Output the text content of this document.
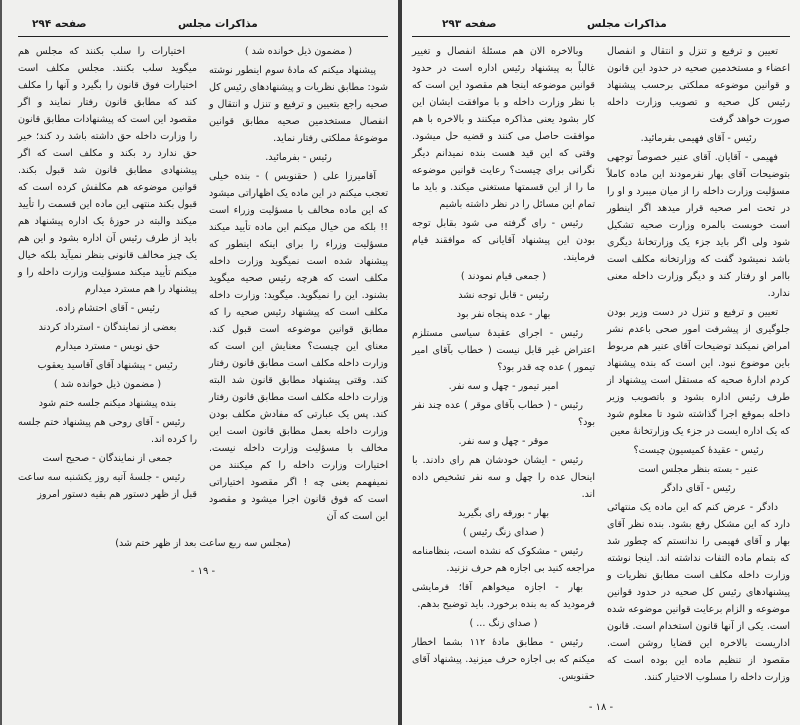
صفحه ۲۹۴	مذاکرات مجلس

( مضمون ذیل خوانده شد )

پیشنهاد میکنم که مادهٔ سوم اینطور نوشته شود: مطابق نظریات و پیشنهادهای رئیس کل صحیه راجع بتعیین و ترفیع و تنزل و انتقال و انفصال مستخدمین صحیه مطابق قوانین موضوعهٔ مملکتی رفتار نماید.

رئیس - بفرمائید.

آقامیرزا علی ( حقنویس ) - بنده خیلی تعجب میکنم در این ماده یک اظهاراتی میشود که این ماده مخالف با مسؤلیت وزراء است !! بلکه من خیال میکنم این ماده تأیید میکند مسؤلیت وزراء را برای اینکه اینطور که پیشنهاد شده است نمیگوید وزارت داخله مکلف است که هرچه رئیس صحیه میگوید بشنود. این را نمیگوید. میگوید: وزارت داخله مکلف است که پیشنهاد رئیس صحیه را که مطابق قوانین موضوعه است قبول کند. معنای این چیست؟ معنایش این است که وزارت داخله مکلف است مطابق قانون رفتار کند. وقتی پیشنهاد مطابق قانون شد البته وزارت داخله مکلف است مطابق قانون رفتار کند. پس یک عبارتی که مفادش مکلف بودن وزارت داخله بعمل مطابق قانون است این مخالف با مسؤلیت وزارت داخله نیست. اختیارات وزارت داخله را کم میکنند من نمیفهمم یعنی چه ! اگر مقصود اختیاراتی است که فوق قانون اجرا میشود و مقصود این است که آن

اختیارات را سلب بکنند که مجلس هم میگوید سلب بکنند. مجلس مکلف است اختیارات فوق قانون را بگیرد و آنها را مکلف کند که مطابق قانون رفتار نمایند و اگر مقصود این است که پیشنهادات مطابق قانون را وزارت داخله حق داشته باشد رد کند؛ خیر حق ندارد رد بکند و مکلف است که اگر پیشنهادی مطابق قانون شد قبول بکند. قوانین موضوعه هم مکلفش کرده است که قبول بکند منتهی این ماده این قسمت را تأیید میکند والبته در حوزهٔ یک اداره پیشنهاد هم باید از طرف رئیس آن اداره بشود و این هم یک چیز مخالف قانونی بنظر نمیآید بلکه خیال میکنم تأیید میکند مسؤلیت وزارت داخله را و پیشنهاد را هم مسترد میدارم

رئیس - آقای احتشام زاده.

بعضی از نمایندگان - استرداد کردند

حق نویس - مسترد میدارم

رئیس - پیشنهاد آقای آقاسید یعقوب

( مضمون ذیل خوانده شد )

بنده پیشنهاد میکنم جلسه ختم شود

رئیس - آقای روحی هم پیشنهاد ختم جلسه را کرده اند.

جمعی از نمایندگان - صحیح است

رئیس - جلسهٔ آتیه روز یکشنبه سه ساعت قبل از ظهر دستور هم بقیه دستور امروز

(مجلس سه ربع ساعت بعد از ظهر ختم شد)
- ۱۹ -
صفحه ۲۹۳	مذاکرات مجلس

تعیین و ترفیع و تنزل و انتقال و انفصال اعضاء و مستخدمین صحیه در حدود این قانون و قوانین موضوعه مملکتی برحسب پیشنهاد رئیس کل صحیه و تصویب وزارت داخله صورت خواهد گرفت

رئیس - آقای فهیمی بفرمائید.

فهیمی - آقایان. آقای عنیر خصوصاً توجهی بتوضیحات آقای بهار نفرمودند این ماده کاملاً مسؤلیت وزارت داخله را از میان میبرد و او را در تحت امر صحیه قرار میدهد اگر اینطور است خوبست بالمره وزارت صحیه تشکیل شود ولی اگر باید جزء یک وزارتخانهٔ دیگری باشد نمیشود گفت که وزارتخانه مکلف است باامر او رفتار کند و دیگر وزارت داخله معنی ندارد.

تعیین و ترفیع و تنزل در دست وزیر بودن جلوگیری از پیشرفت امور صحی باعدم نشر امراض نمیکند توضیحات آقای عنیر هم مربوط باین موضوع نبود. این است که بنده پیشنهاد کردم ادارهٔ صحیه که مستقل است پیشنهاد از طرف رئیس اداره بشود و باتصویب وزیر داخله بموقع اجرا گذاشته شود تا معلوم شود که یک اداره ایست در جزء یک وزارتخانهٔ معین

رئیس - عقیدهٔ کمیسیون چیست؟

عنیر - بسته بنظر مجلس است

رئیس - آقای دادگر

دادگر - عرض کنم که این ماده یک منتهائی دارد که این مشکل رفع بشود. بنده نظر آقای بهار و آقای فهیمی را ندانستم که چطور شد که بتمام ماده التفات نداشته اند. اینجا نوشته وزارت داخله مکلف است مطابق نظریات و پیشنهادهای رئیس کل صحیه در حدود قوانین موضوعه و الزام برعایت قوانین موضوعه شده است. یکی از آنها قانون استخدام است. قانون اداریست بالاخره این قضایا روشن است. مقصود از تنظیم ماده این بوده است که وزارت داخله را مسلوب الاختیار کنند.

وبالاخره الان هم مسئلهٔ انفصال و تغییر غالباً به پیشنهاد رئیس اداره است در حدود قوانین موضوعه اینجا هم مقصود این است که با نظر وزارت داخله و با موافقت ایشان این کار بشود یعنی مذاکره میکنند و بالاخره با هم موافقت حاصل می کنند و قضیه حل میشود. وقتی که این قید هست بنده نمیدانم دیگر نگرانی برای چیست؟ رعایت قوانین موضوعه ما را از این قسمتها مستغنی میکند. و باید ما تمام این مسائل را در نظر داشته باشیم

رئیس - رای گرفته می شود بقابل توجه بودن این پیشنهاد آقایانی که موافقند قیام فرمایند.

( جمعی قیام نمودند )

رئیس - قابل توجه نشد

بهار - عده پنجاه نفر بود

رئیس - اجرای عقیدهٔ سیاسی مستلزم اعتراض غیر قابل نیست ( خطاب بآقای امیر تیمور ) عده چه قدر بود؟

امیر تیمور - چهل و سه نفر.

رئیس - ( خطاب بآقای موقر ) عده چند نفر بود؟

موقر - چهل و سه نفر.

رئیس - ایشان خودشان هم رای دادند. با اینحال عده را چهل و سه نفر تشخیص داده اند.

بهار - بورقه رای بگیرید

( صدای زنگ رئیس )

رئیس - مشکوک که نشده است، بنظامنامه مراجعه کنید بی اجازه هم حرف نزنید.

بهار - اجازه میخواهم آقا؛ فرمایشی فرمودید که به بنده برخورد. باید توضیح بدهم.

( صدای زنگ ... )

رئیس - مطابق مادهٔ ۱۱۲ بشما اخطار میکنم که بی اجازه حرف میزنید. پیشنهاد آقای حقنویس.

- ۱۸ -
